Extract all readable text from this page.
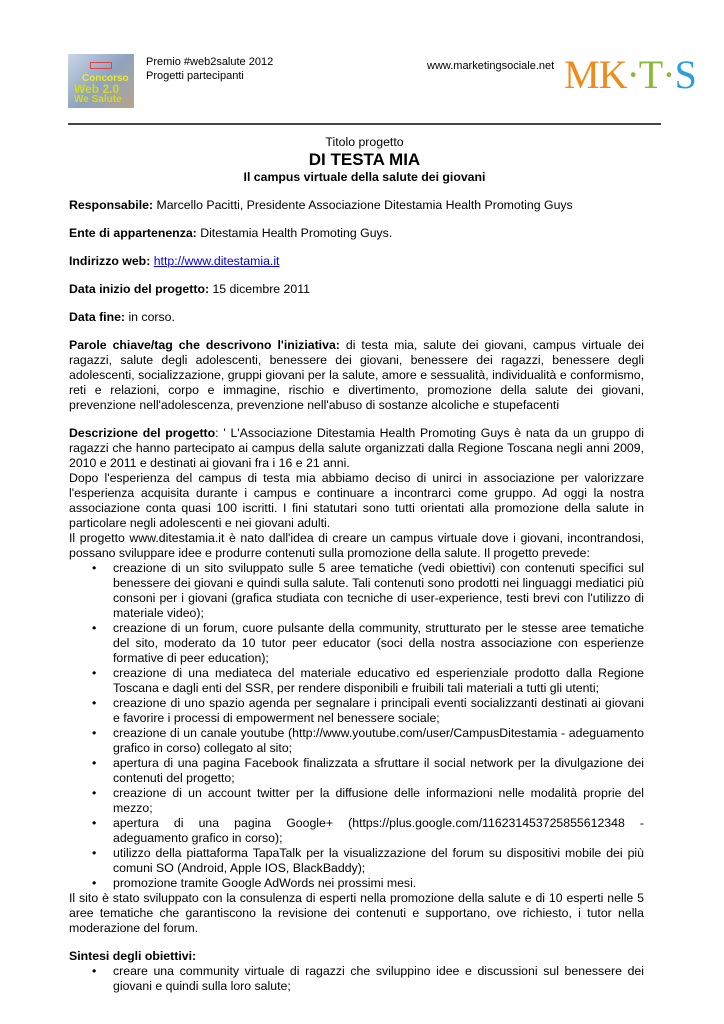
Concorso
Web 2.0
We Salute
Premio #web2salute 2012
Progetti partecipanti
www.marketingsociale.net MK·T·S
Titolo progetto
DI TESTA MIA
Il campus virtuale della salute dei giovani

Responsabile: Marcello Pacitti, Presidente Associazione Ditestamia Health Promoting Guys

Ente di appartenenza: Ditestamia Health Promoting Guys.

Indirizzo web: http://www.ditestamia.it

Data inizio del progetto: 15 dicembre 2011

Data fine: in corso.

Parole chiave/tag che descrivono l'iniziativa: di testa mia, salute dei giovani, campus virtuale dei ragazzi, salute degli adolescenti, benessere dei giovani, benessere dei ragazzi, benessere degli adolescenti, socializzazione, gruppi giovani per la salute, amore e sessualità, individualità e conformismo, reti e relazioni, corpo e immagine, rischio e divertimento, promozione della salute dei giovani, prevenzione nell'adolescenza, prevenzione nell'abuso di sostanze alcoliche e stupefacenti

Descrizione del progetto: ' L'Associazione Ditestamia Health Promoting Guys è nata da un gruppo di ragazzi che hanno partecipato ai campus della salute organizzati dalla Regione Toscana negli anni 2009, 2010 e 2011 e destinati ai giovani fra i 16 e 21 anni.

Dopo l'esperienza del campus di testa mia abbiamo deciso di unirci in associazione per valorizzare l'esperienza acquisita durante i campus e continuare a incontrarci come gruppo. Ad oggi la nostra associazione conta quasi 100 iscritti. I fini statutari sono tutti orientati alla promozione della salute in particolare negli adolescenti e nei giovani adulti.

Il progetto www.ditestamia.it è nato dall'idea di creare un campus virtuale dove i giovani, incontrandosi, possano sviluppare idee e produrre contenuti sulla promozione della salute. Il progetto prevede:

• creazione di un sito sviluppato sulle 5 aree tematiche (vedi obiettivi) con contenuti specifici sul benessere dei giovani e quindi sulla salute. Tali contenuti sono prodotti nei linguaggi mediatici più consoni per i giovani (grafica studiata con tecniche di user-experience, testi brevi con l'utilizzo di materiale video);
• creazione di un forum, cuore pulsante della community, strutturato per le stesse aree tematiche del sito, moderato da 10 tutor peer educator (soci della nostra associazione con esperienze formative di peer education);
• creazione di una mediateca del materiale educativo ed esperienziale prodotto dalla Regione Toscana e dagli enti del SSR, per rendere disponibili e fruibili tali materiali a tutti gli utenti;
• creazione di uno spazio agenda per segnalare i principali eventi socializzanti destinati ai giovani e favorire i processi di empowerment nel benessere sociale;
• creazione di un canale youtube (http://www.youtube.com/user/CampusDitestamia - adeguamento grafico in corso) collegato al sito;
• apertura di una pagina Facebook finalizzata a sfruttare il social network per la divulgazione dei contenuti del progetto;
• creazione di un account twitter per la diffusione delle informazioni nelle modalità proprie del mezzo;
• apertura di una pagina Google+ (https://plus.google.com/116231453725855612348 - adeguamento grafico in corso);
• utilizzo della piattaforma TapaTalk per la visualizzazione del forum su dispositivi mobile dei più comuni SO (Android, Apple IOS, BlackBaddy);
• promozione tramite Google AdWords nei prossimi mesi.

Il sito è stato sviluppato con la consulenza di esperti nella promozione della salute e di 10 esperti nelle 5 aree tematiche che garantiscono la revisione dei contenuti e supportano, ove richiesto, i tutor nella moderazione del forum.

Sintesi degli obiettivi:

• creare una community virtuale di ragazzi che sviluppino idee e discussioni sul benessere dei giovani e quindi sulla loro salute;
